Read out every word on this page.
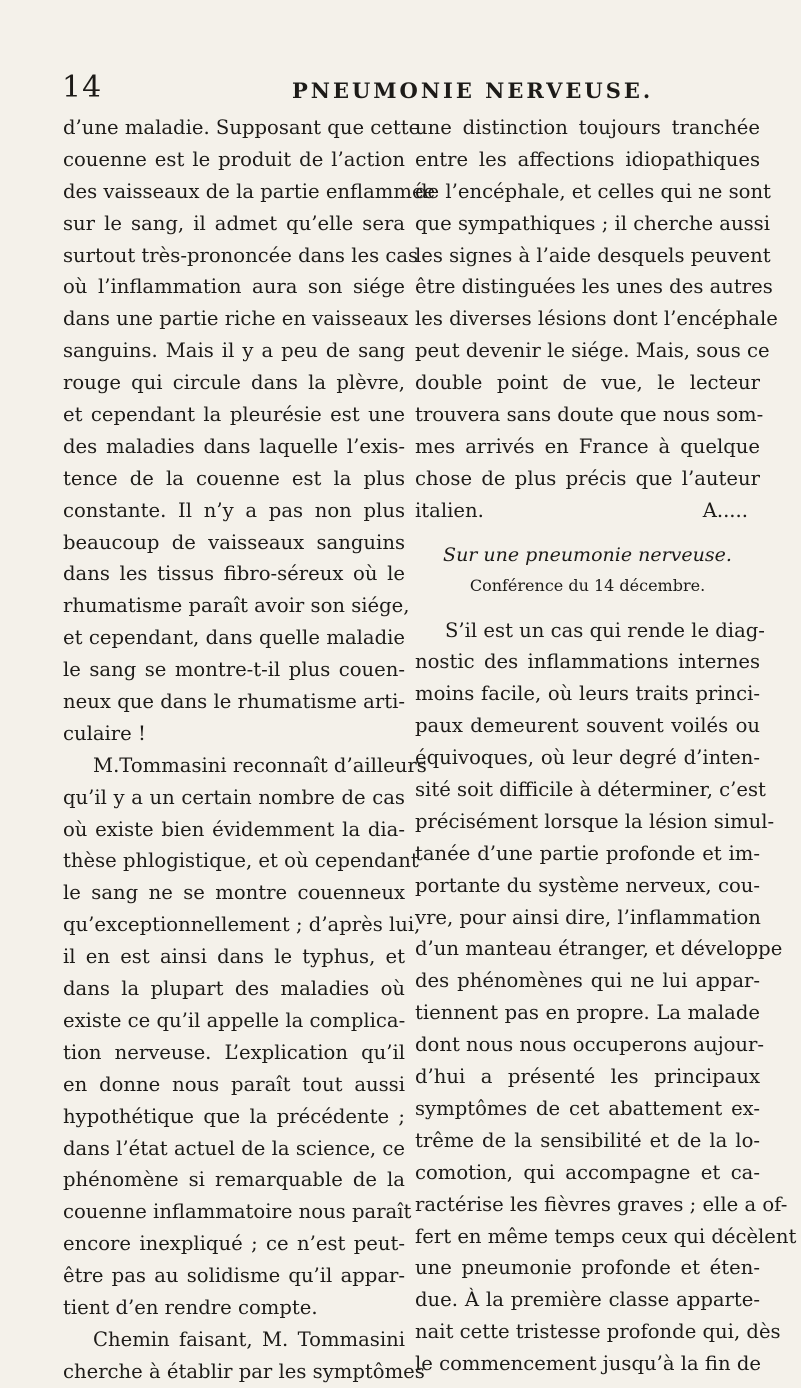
14	PNEUMONIE NERVEUSE.
d’une maladie. Supposant que cette
couenne est le produit de l’action
des vaisseaux de la partie enflammée
sur le sang, il admet qu’elle sera
surtout très-prononcée dans les cas
où l’inflammation aura son siége
dans une partie riche en vaisseaux
sanguins. Mais il y a peu de sang
rouge qui circule dans la plèvre,
et cependant la pleurésie est une
des maladies dans laquelle l’exis-
tence de la couenne est la plus
constante. Il n’y a pas non plus
beaucoup de vaisseaux sanguins
dans les tissus fibro-séreux où le
rhumatisme paraît avoir son siége,
et cependant, dans quelle maladie
le sang se montre-t-il plus couen-
neux que dans le rhumatisme arti-
culaire !
M.Tommasini reconnaît d’ailleurs
qu’il y a un certain nombre de cas
où existe bien évidemment la dia-
thèse phlogistique, et où cependant
le sang ne se montre couenneux
qu’exceptionnellement ; d’après lui,
il en est ainsi dans le typhus, et
dans la plupart des maladies où
existe ce qu’il appelle la complica-
tion nerveuse. L’explication qu’il
en donne nous paraît tout aussi
hypothétique que la précédente ;
dans l’état actuel de la science, ce
phénomène si remarquable de la
couenne inflammatoire nous paraît
encore inexpliqué ; ce n’est peut-
être pas au solidisme qu’il appar-
tient d’en rendre compte.
Chemin faisant, M. Tommasini
cherche à établir par les symptômes
une distinction toujours tranchée
entre les affections idiopathiques
de l’encéphale, et celles qui ne sont
que sympathiques ; il cherche aussi
les signes à l’aide desquels peuvent
être distinguées les unes des autres
les diverses lésions dont l’encéphale
peut devenir le siége. Mais, sous ce
double point de vue, le lecteur
trouvera sans doute que nous som-
mes arrivés en France à quelque
chose de plus précis que l’auteur
italien.	A.....
Sur une pneumonie nerveuse.
Conférence du 14 décembre.
S’il est un cas qui rende le diag-
nostic des inflammations internes
moins facile, où leurs traits princi-
paux demeurent souvent voilés ou
équivoques, où leur degré d’inten-
sité soit difficile à déterminer, c’est
précisément lorsque la lésion simul-
tanée d’une partie profonde et im-
portante du système nerveux, cou-
vre, pour ainsi dire, l’inflammation
d’un manteau étranger, et développe
des phénomènes qui ne lui appar-
tiennent pas en propre. La malade
dont nous nous occuperons aujour-
d’hui a présenté les principaux
symptômes de cet abattement ex-
trême de la sensibilité et de la lo-
comotion, qui accompagne et ca-
ractérise les fièvres graves ; elle a of-
fert en même temps ceux qui décèlent
une pneumonie profonde et éten-
due. À la première classe apparte-
nait cette tristesse profonde qui, dès
le commencement jusqu’à la fin de
